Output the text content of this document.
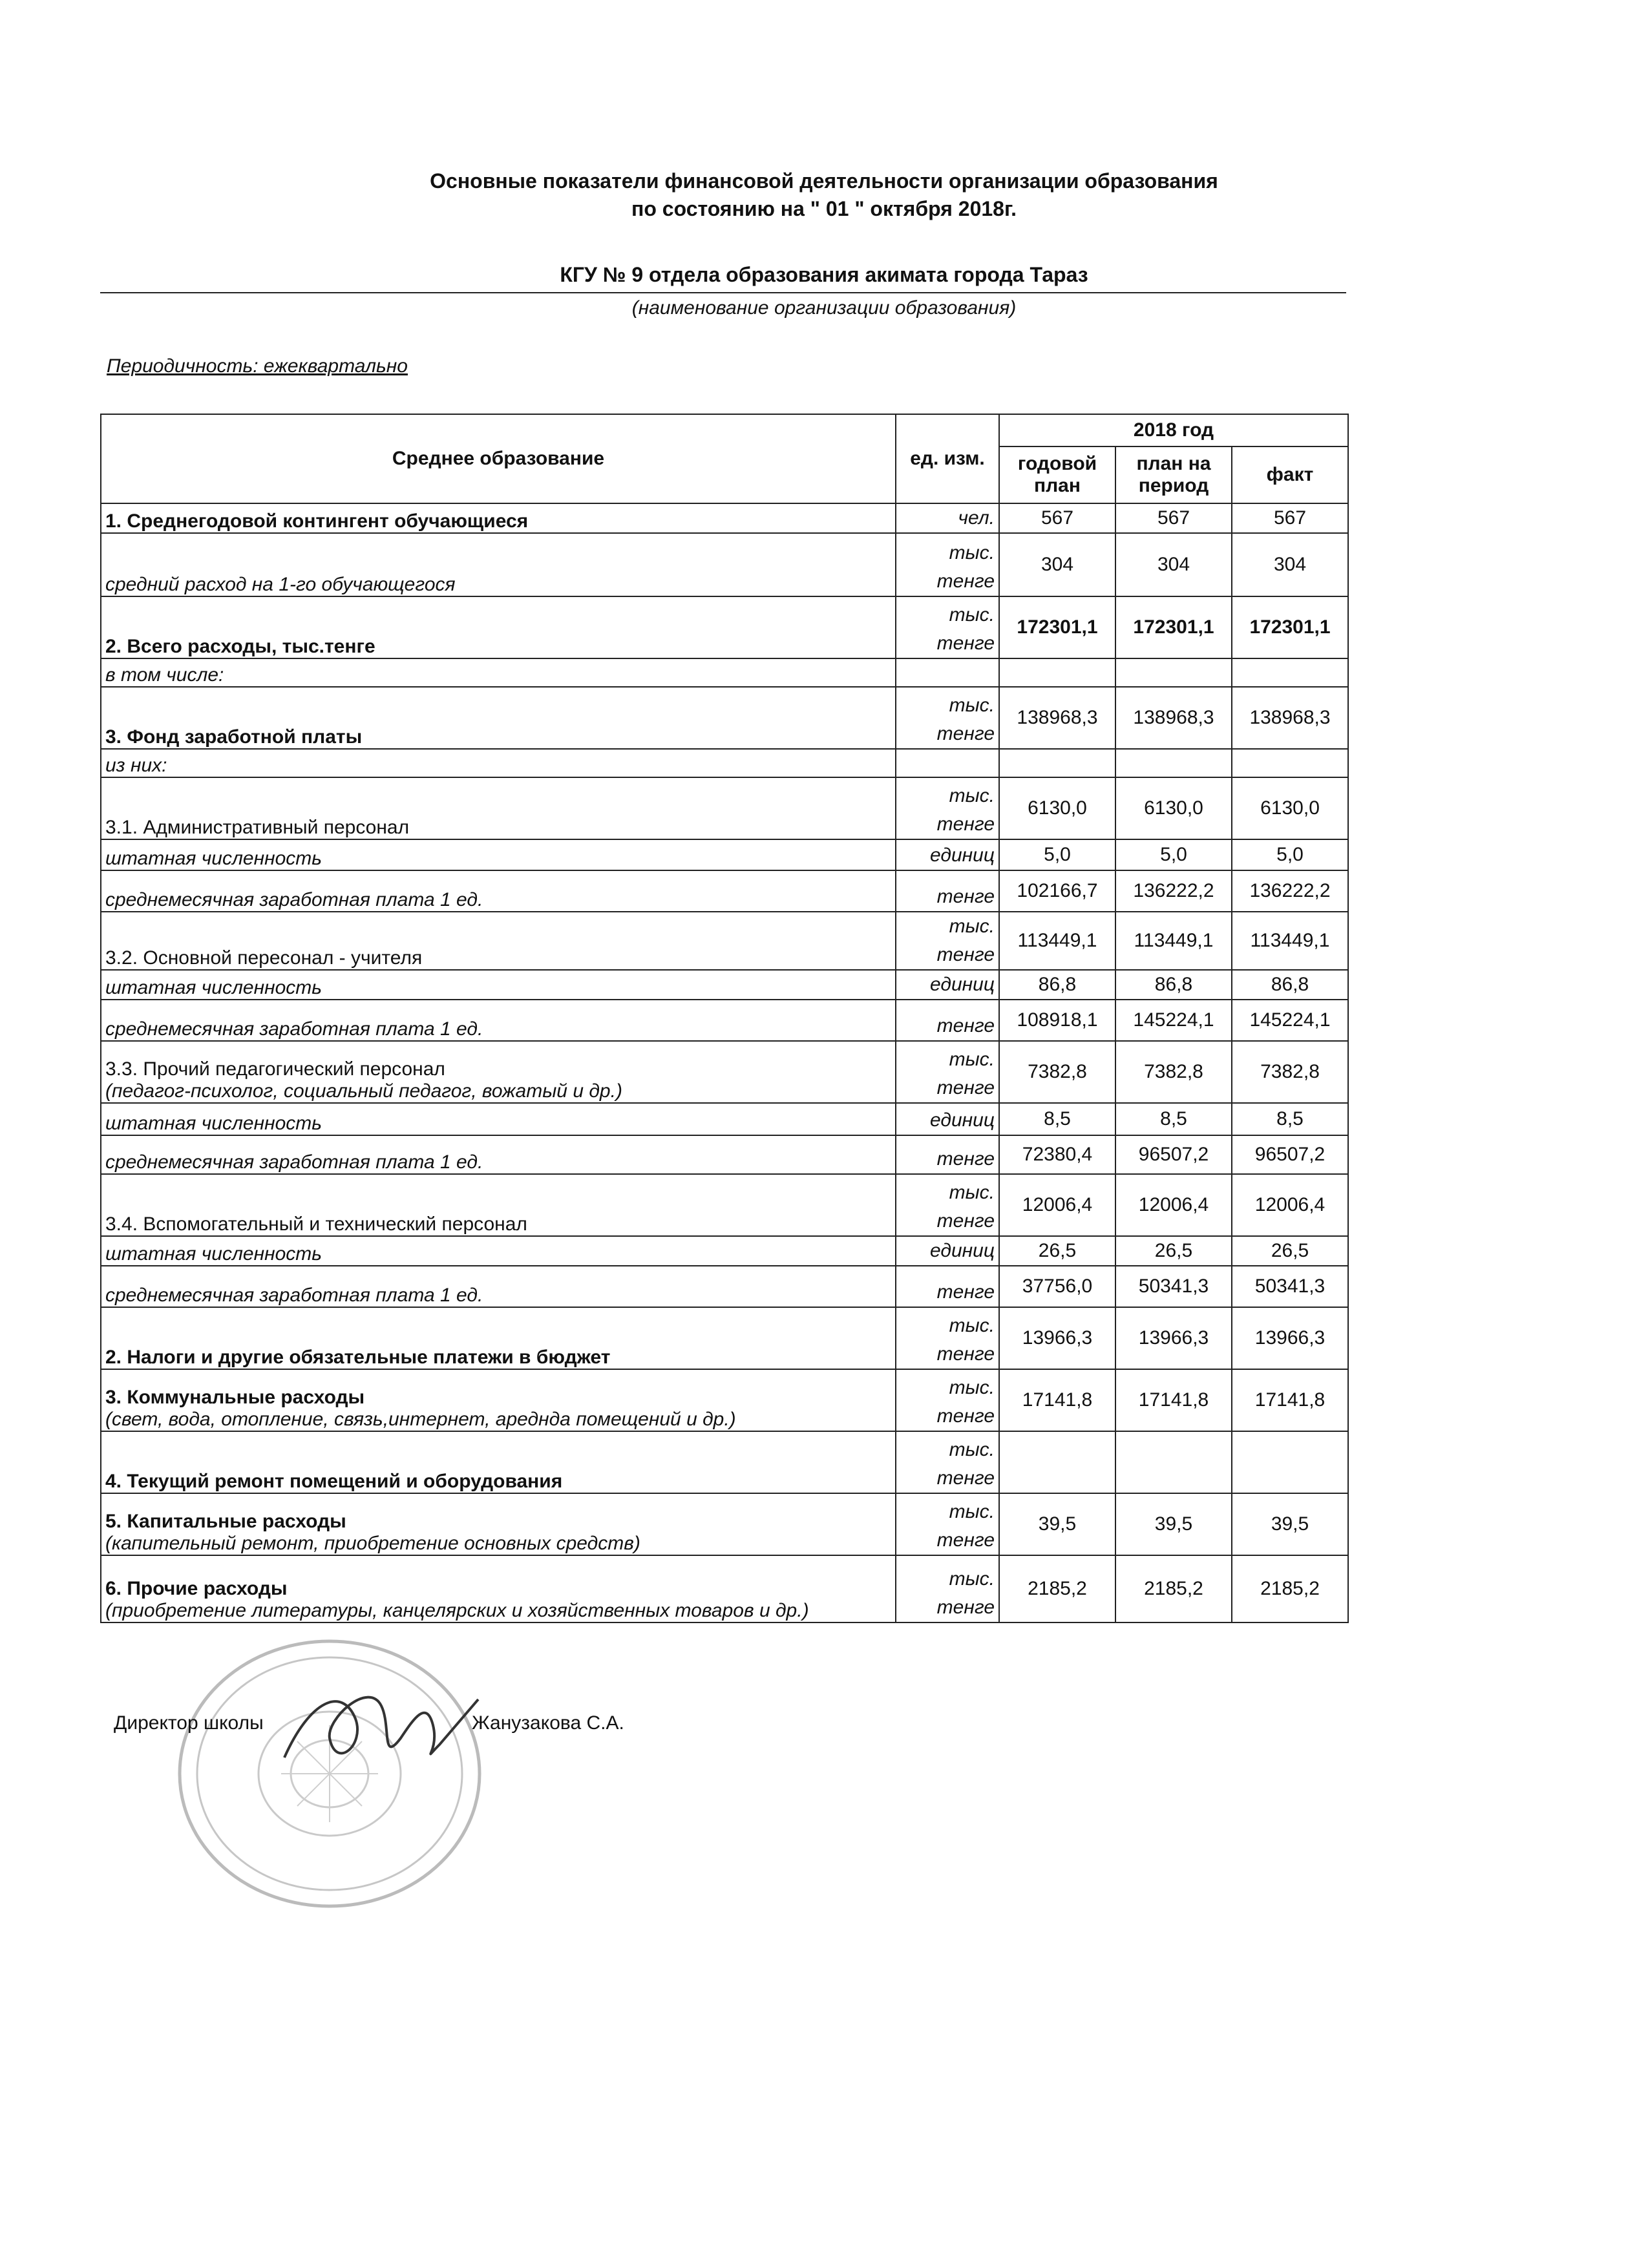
Основные показатели финансовой деятельности организации образования
по состоянию на " 01 " октября 2018г.
КГУ № 9 отдела образования акимата города Тараз
(наименование организации образования)
Периодичность: ежеквартально
Среднее образование	ед. изм.	2018 год		
		годовой план	план на период	факт
1. Среднегодовой контингент обучающиеся	чел.	567	567	567
средний расход на 1-го обучающегося	тыс. тенге	304	304	304
2. Всего расходы, тыс.тенге	тыс. тенге	172301,1	172301,1	172301,1
в том числе:				
3. Фонд заработной платы	тыс. тенге	138968,3	138968,3	138968,3
из них:				
3.1. Административный персонал	тыс. тенге	6130,0	6130,0	6130,0
штатная численность	единиц	5,0	5,0	5,0
среднемесячная заработная плата 1 ед.	тенге	102166,7	136222,2	136222,2
3.2. Основной пересонал - учителя	тыс. тенге	113449,1	113449,1	113449,1
штатная численность	единиц	86,8	86,8	86,8
среднемесячная заработная плата 1 ед.	тенге	108918,1	145224,1	145224,1
3.3. Прочий педагогический персонал
(педагог-психолог, социальный педагог, вожатый и др.)	тыс. тенге	7382,8	7382,8	7382,8
штатная численность	единиц	8,5	8,5	8,5
среднемесячная заработная плата 1 ед.	тенге	72380,4	96507,2	96507,2
3.4. Вспомогательный и технический персонал	тыс. тенге	12006,4	12006,4	12006,4
штатная численность	единиц	26,5	26,5	26,5
среднемесячная заработная плата 1 ед.	тенге	37756,0	50341,3	50341,3
2. Налоги и другие обязательные платежи в бюджет	тыс. тенге	13966,3	13966,3	13966,3
3. Коммунальные расходы
(свет, вода, отопление, связь,интернет, ареднда помещений и др.)	тыс. тенге	17141,8	17141,8	17141,8
4. Текущий ремонт помещений и оборудования	тыс. тенге			
5. Капитальные расходы
(капительный ремонт, приобретение основных средств)	тыс. тенге	39,5	39,5	39,5
6. Прочие расходы
(приобретение литературы, канцелярских и хозяйственных товаров и др.)	тыс. тенге	2185,2	2185,2	2185,2
Директор школы	Жанузакова С.А.
